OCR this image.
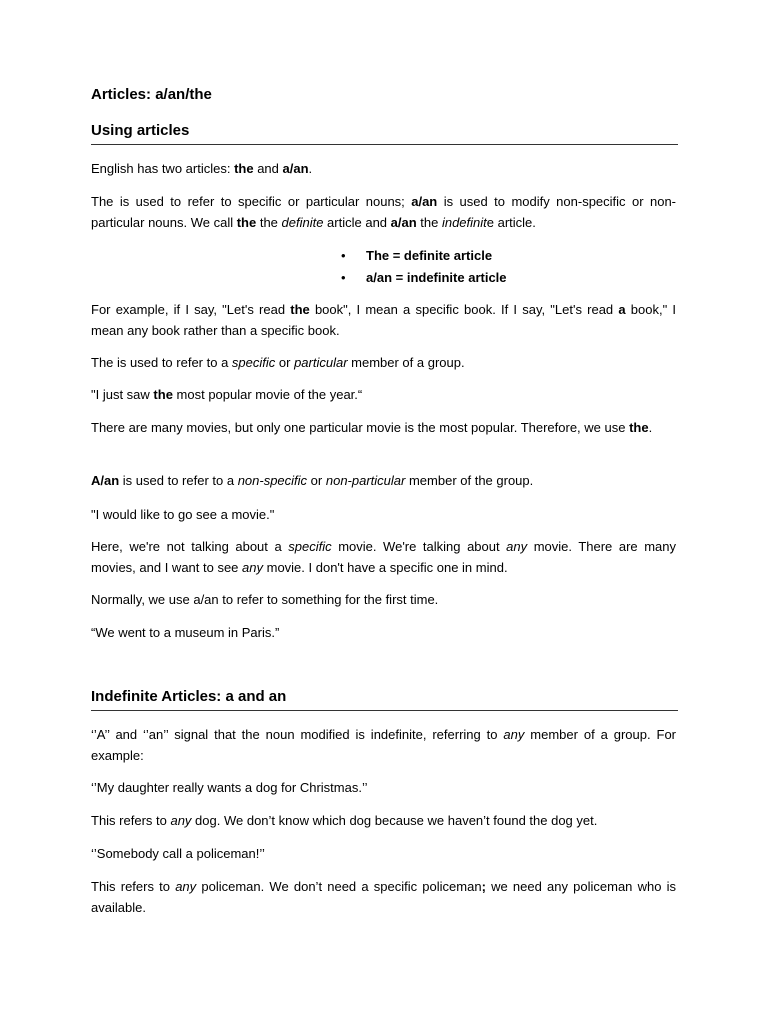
Articles: a/an/the
Using articles

English has two articles: the and a/an.

The is used to refer to specific or particular nouns; a/an is used to modify non-specific or non- particular nouns. We call the the definite article and a/an the indefinite article.

• The = definite article
• a/an = indefinite article

For example, if I say, "Let's read the book", I mean a specific book. If I say, "Let's read a book," I mean any book rather than a specific book.

The is used to refer to a specific or particular member of a group.

"I just saw the most popular movie of the year.“

There are many movies, but only one particular movie is the most popular. Therefore, we use the.

A/an is used to refer to a non-specific or non-particular member of the group.

"I would like to go see a movie."

Here, we're not talking about a specific movie. We're talking about any movie. There are many movies, and I want to see any movie. I don't have a specific one in mind.

Normally, we use a/an to refer to something for the first time.

“We went to a museum in Paris.”

Indefinite Articles: a and an

‘’A’’ and ‘’an’’ signal that the noun modified is indefinite, referring to any member of a group. For example:

‘’My daughter really wants a dog for Christmas.’’

This refers to any dog. We don’t know which dog because we haven’t found the dog yet.

‘’Somebody call a policeman!’’

This refers to any policeman. We don’t need a specific policeman; we need any policeman who is available.
